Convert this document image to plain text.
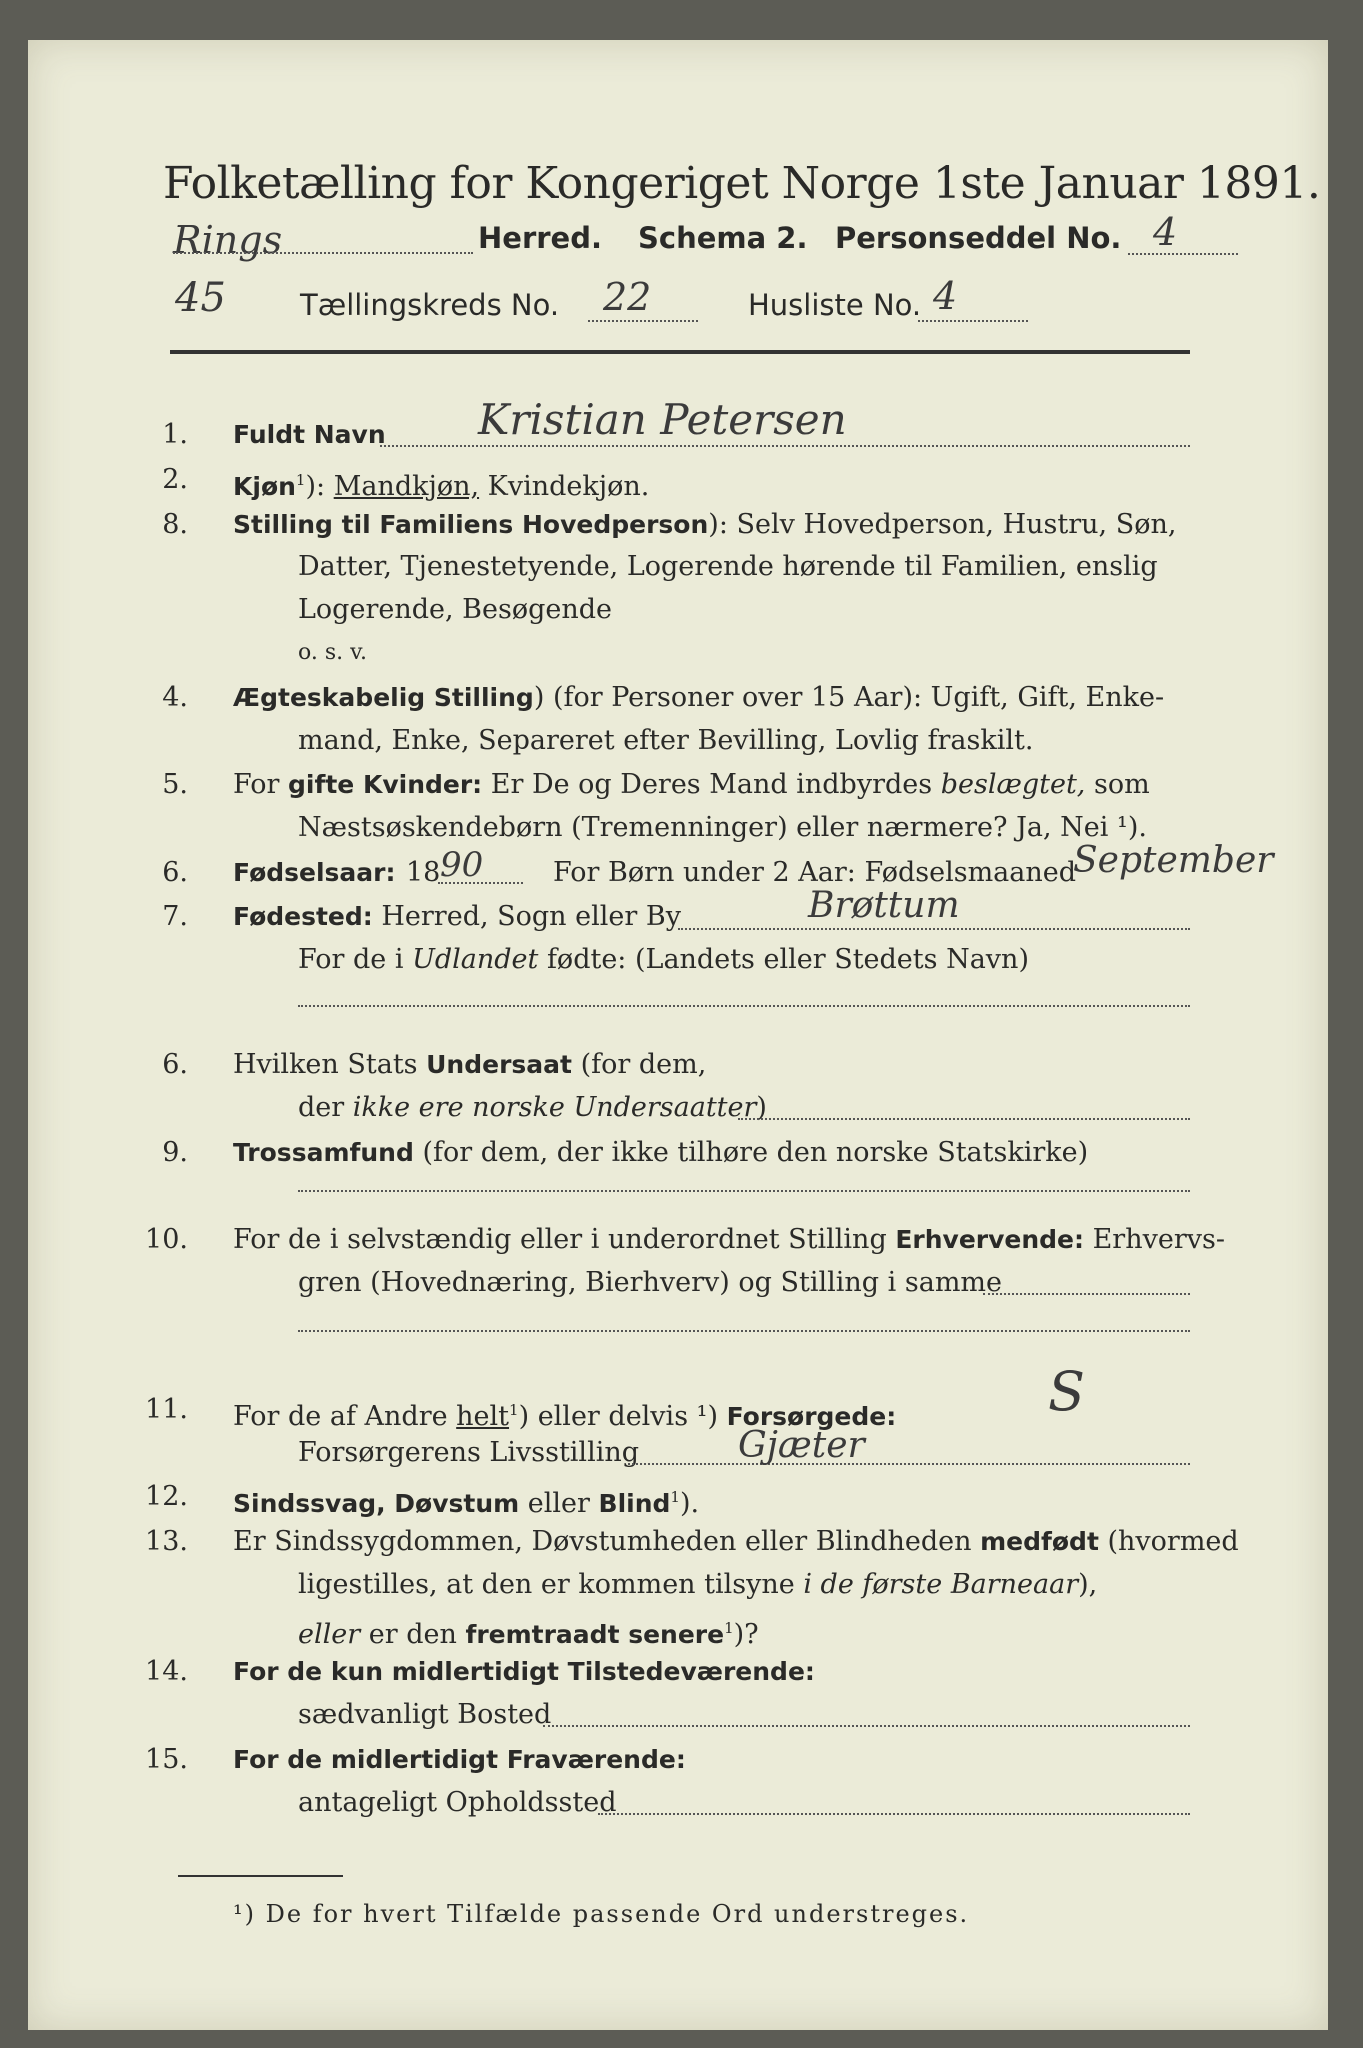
Folketælling for Kongeriget Norge 1ste Januar 1891.
Rings	Herred. Schema 2. Personseddel No. 4
45	Tællingskreds No. 22	Husliste No. 4
1. Fuldt Navn Kristian Petersen
2. Kjøn$^1$): Mandkjøn, Kvindekjøn.
8. Stilling til Familiens Hovedperson): Selv Hovedperson, Hustru, Søn,
Datter, Tjenestetyende, Logerende hørende til Familien, enslig
Logerende, Besøgende
o. s. v.
4. Ægteskabelig Stilling) (for Personer over 15 Aar): Ugift, Gift, Enke-
mand, Enke, Separeret efter Bevilling, Lovlig fraskilt.
5. For gifte Kvinder: Er De og Deres Mand indbyrdes beslægtet, som
Næstsøskendebørn (Tremenninger) eller nærmere? Ja, Nei ¹).
6. Fødselsaar: 18 90	For Børn under 2 Aar: Fødselsmaaned
September
7. Fødested: Herred, Sogn eller By	Brøttum
For de i Udlandet fødte: (Landets eller Stedets Navn)
6. Hvilken Stats Undersaat (for dem,
der ikke ere norske Undersaatter)
9. Trossamfund (for dem, der ikke tilhøre den norske Statskirke)
10. For de i selvstændig eller i underordnet Stilling Erhvervende: Erhvervs-
gren (Hovednæring, Bierhverv) og Stilling i samme
11. For de af Andre helt$^1$) eller delvis ¹) Forsørgede:
Forsørgerens Livsstilling	Gjæter
S
12. Sindssvag, Døvstum eller Blind$^1$).
13. Er Sindssygdommen, Døvstumheden eller Blindheden medfødt (hvormed
ligestilles, at den er kommen tilsyne i de første Barneaar),
eller er den fremtraadt senere$^1$)?
14. For de kun midlertidigt Tilstedeværende:
sædvanligt Bosted
15. For de midlertidigt Fraværende:
antageligt Opholdssted
¹) De for hvert Tilfælde passende Ord understreges.
